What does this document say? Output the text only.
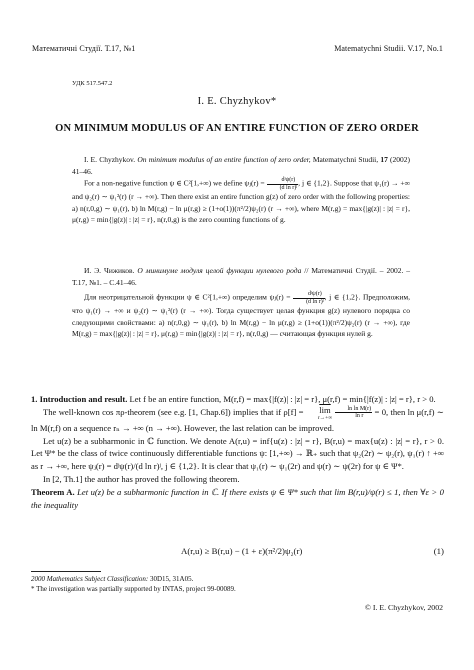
Математичні Студії. Т.17, №1	Matematychni Studii. V.17, No.1
УДК 517.547.2
I. E. Chyzhykov*
ON MINIMUM MODULUS OF AN ENTIRE FUNCTION OF ZERO ORDER

I. E. Chyzhykov. On minimum modulus of an entire function of zero order, Matematychni Studii, 17 (2002) 41–46.

For a non-negative function ψ ∈ C²[1,+∞) we define ψⱼ(r) = $\frac{\text{dʲψ(r)}}{\text{(d ln r)ʲ}}$ , j ∈ {1,2}. Suppose that ψ₁(r) → +∞ and ψ₂(r) ∼ ψ₁²(r) (r → +∞). Then there exist an entire function g(z) of zero order with the following properties: a) n(r,0,g) ∼ ψ₁(r), b) ln M(r,g) − ln μ(r,g) ≥ (1+o(1))(π²/2)ψ₂(r) (r → +∞), where M(r,g) = max{|g(z)| : |z| = r}, μ(r,g) = min{|g(z)| : |z| = r}, n(r,0,g) is the zero counting functions of g.

И. Э. Чижиков. О минимуме модуля целой функции нулевого рода // Математичні Студії. – 2002. – Т.17, №1. – С.41–46.

Для неотрицательной функции ψ ∈ C²[1,+∞) определим ψⱼ(r) = $\frac{\text{dʲψ(r)}}{\text{(d ln r)ʲ}}$ , j ∈ {1,2}. Предположим, что ψ₁(r) → +∞ и ψ₂(r) ∼ ψ₁²(r) (r → +∞). Тогда существует целая функция g(z) нулевого порядка со следующими свойствами: a) n(r,0,g) ∼ ψ₁(r), b) ln M(r,g) − ln μ(r,g) ≥ (1+o(1))(π²/2)ψ₂(r) (r → +∞), где M(r,g) = max{|g(z)| : |z| = r}, μ(r,g) = min{|g(z)| : |z| = r}, n(r,0,g) — считающая функция нулей g.

1. Introduction and result. Let f be an entire function, M(r,f) = max{|f(z)| : |z| = r}, μ(r,f) = min{|f(z)| : |z| = r}, r > 0.

The well-known cos πρ-theorem (see e.g. [1, Chap.6]) implies that if ρ[f] =	$\overline{lim}$
r→+∞
$\frac{\text{ln ln M(r)}}{\text{ln r}} = 0$, then ln μ(r,f) ∼ ln M(r,f) on a sequence rₙ → +∞ (n → +∞). However, the last relation can be improved.

Let u(z) be a subharmonic in ℂ function. We denote A(r,u) = inf{u(z) : |z| = r}, B(r,u) = max{u(z) : |z| = r}, r > 0. Let Ψ* be the class of twice continuously differentiable functions ψ: [1,+∞) → ℝ₊ such that ψ₂(2r) ∼ ψ₂(r), ψ₁(r) ↑ +∞ as r → +∞, here ψⱼ(r) = dʲψ(r)/(d ln r)ʲ, j ∈ {1,2}. It is clear that ψ₁(r) ∼ ψ₁(2r) and ψ(r) ∼ ψ(2r) for ψ ∈ Ψ*.

In [2, Th.1] the author has proved the following theorem.

Theorem A. Let u(z) be a subharmonic function in ℂ. If there exists ψ ∈ Ψ* such that lim B(r,u)/ψ(r) ≤ 1, then ∀ε > 0 the inequality

A(r,u) ≥ B(r,u) − (1 + ε)(π²/2)ψ₂(r)	(1)
2000 Mathematics Subject Classification: 30D15, 31A05.
* The investigation was partially supported by INTAS, project 99-00089.
© I. E. Chyzhykov, 2002
